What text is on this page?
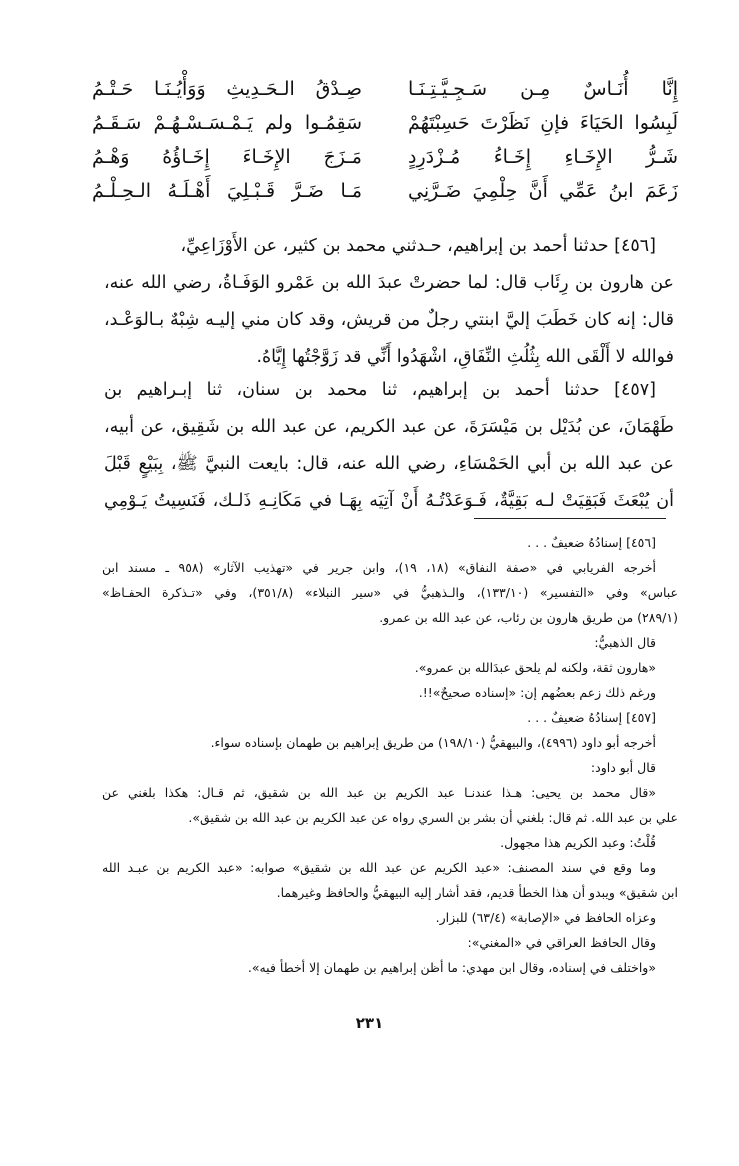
إِنَّا أُنَـاسٌ مِـن سَـجِـيَّـتِـنَـا
صِـدْقُ الـحَـدِيثِ وَوَأْيُـنَـا حَـتْـمُ
لَبِسُوا الحَيَاءَ فإنِ نَظَرْتَ حَسِبْتَهُمْ
سَقِمُـوا ولم يَـمْـسَـسْـهُـمْ سَـقَـمُ
شَـرُّ الإِخَـاءِ إِخَـاءُ مُـزْدَرِدٍ
مَـزَجَ الإِخَـاءَ إِخَـاؤُهُ وَهْـمُ
زَعَمَ ابنُ عَمِّي أَنَّ حِلْمِيَ ضَـرَّنِي
مَـا ضَـرَّ قَـبْـلِيَ أَهْـلَـهُ الـحِـلْـمُ
[٤٥٦] حدثنا أحمد بن إبراهيم، حـدثني محمد بن كثير، عن الأَوْزَاعِيِّ،
عن هارون بن رِئَاب قال: لما حضرتْ عبدَ الله بن عَمْرو الوَفَـاةُ، رضي الله عنه،
قال: إنه كان خَطَبَ إليَّ ابنتي رجلٌ من قريش، وقد كان مني إليـه شِبْهٌ بـالوَعْـد،
فوالله لا أَلْقَى الله بِثُلُثِ النِّفَاقِ، اشْهَدُوا أَنِّي قد زَوَّجْتُها إِيَّاهُ.
[٤٥٧] حدثنا أحمد بن إبراهيم، ثنا محمد بن سنان، ثنا إبـراهيم بن
طَهْمَانَ، عن بُدَيْل بن مَيْسَرَةَ، عن عبد الكريم، عن عبد الله بن شَقِيق، عن أبيه،
عن عبد الله بن أبي الحَمْسَاءِ، رضي الله عنه، قال: بايعت النبيَّ ﷺ، بِبَيْعٍ قَبْلَ
أن يُبْعَثَ فَبَقِيَتْ لـه بَقِيَّةٌ، فَـوَعَدْتُـهُ أَنْ آتِيَه بِهَـا في مَكَانِـهِ ذَلـك، فَنَسِيتُ يَـوْمِي
[٤٥٦] إسنادُهُ ضعيفٌ . . .
أخرجه الفريابي في «صفة النفاق» (١٨، ١٩)، وابن جرير في «تهذيب الآثار» (٩٥٨ ـ مسند ابن
عباس» وفي «التفسير» (١٣٣/١٠)، والـذهبيُّ في «سير النبلاء» (٣٥١/٨)، وفي «تـذكرة الحفـاظ»
(٢٨٩/١) من طريق هارون بن رئاب، عن عبد الله بن عمرو.
قال الذهبيُّ:
«هارون ثقة، ولكنه لم يلحق عبدَالله بن عمرو».
ورغم ذلك زعم بعضُهم إن: «إسناده صحيحٌ»!!.
[٤٥٧] إسنادُهُ ضعيفٌ . . .
أخرجه أبو داود (٤٩٩٦)، والبيهقيُّ (١٩٨/١٠) من طريق إبراهيم بن طهمان بإسناده سواء.
قال أبو داود:
«قال محمد بن يحيى: هـذا عندنـا عبد الكريم بن عبد الله بن شقيق، ثم قـال: هكذا بلغني عن
علي بن عبد الله. ثم قال: بلغني أن بشر بن السري رواه عن عبد الكريم بن عبد الله بن شقيق».
قُلْتُ: وعبد الكريم هذا مجهول.
وما وقع في سند المصنف: «عبد الكريم عن عبد الله بن شقيق» صوابه: «عبد الكريم بن عبـد الله
ابن شقيق» ويبدو أن هذا الخطأ قديم، فقد أشار إليه البيهقيُّ والحافظ وغيرهما.
وعزاه الحافظ في «الإصابة» (٦٣/٤) للبزار.
وقال الحافظ العراقي في «المغني»:
«واختلف في إسناده، وقال ابن مهدي: ما أظن إبراهيم بن طهمان إلا أخطأ فيه».
٢٣١
